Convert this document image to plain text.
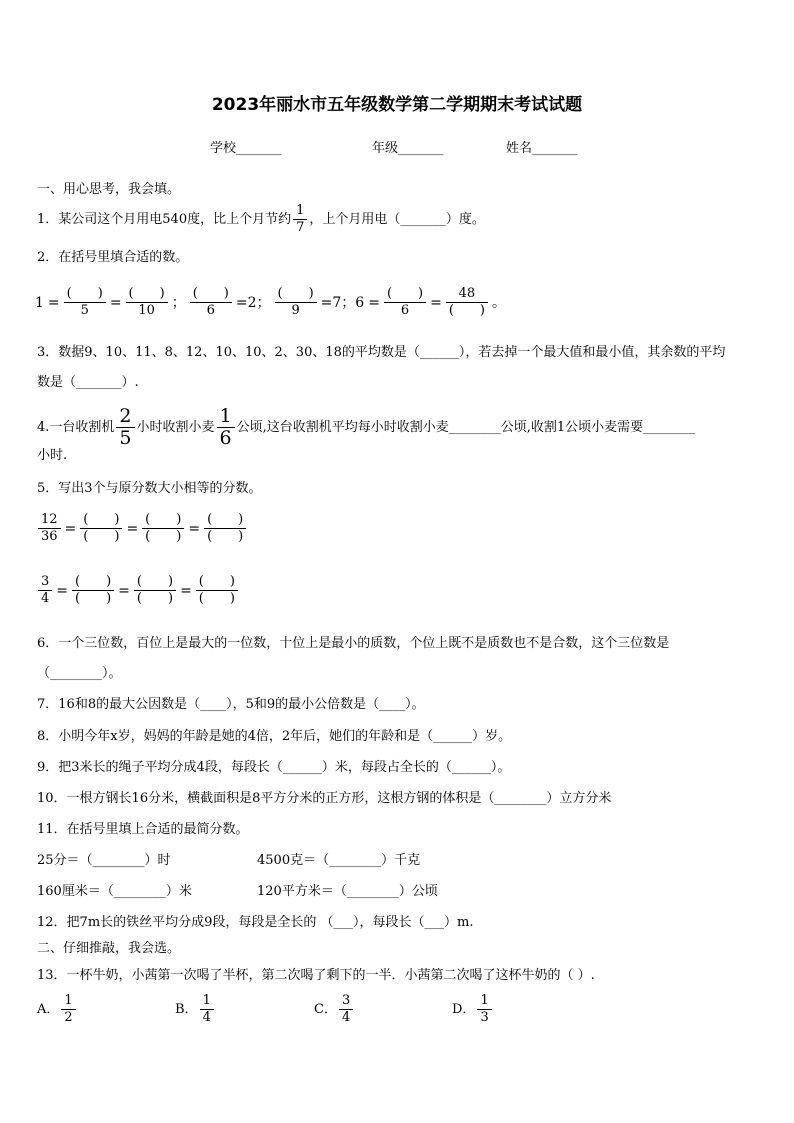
2023年丽水市五年级数学第二学期期末考试试题
学校_______	年级_______	姓名_______
一、用心思考，我会填。
1．某公司这个月用电540度，比上个月节约 $\frac{1}{7}$ ，上个月用电（_______）度。
2．在括号里填合适的数。
$1 = \frac{( )}{5} = \frac{( )}{10}$ ； $\frac{( )}{6} =2$； $\frac{( )}{9} =7$；$6 = \frac{( )}{6} = \frac{48}{( )}$ 。
3．数据9、10、11、8、12、10、10、2、30、18的平均数是（______），若去掉一个最大值和最小值，其余数的平均
数是（_______）.
4.一台收割机 $\frac{2}{5}$ 小时收割小麦 $\frac{1}{6}$ 公顷,这台收割机平均每小时收割小麦________公顷,收割1公顷小麦需要________
小时.
5．写出3个与原分数大小相等的分数。
$\frac{12}{36} = \frac{( )}{( )} = \frac{( )}{( )} = \frac{( )}{( )}$
$\frac{3}{4} = \frac{( )}{( )} = \frac{( )}{( )} = \frac{( )}{( )}$
6．一个三位数，百位上是最大的一位数，十位上是最小的质数，个位上既不是质数也不是合数，这个三位数是
（________）。
7．16和8的最大公因数是（____），5和9的最小公倍数是（____）。
8．小明今年x岁，妈妈的年龄是她的4倍，2年后，她们的年龄和是（______）岁。
9．把3米长的绳子平均分成4段，每段长（______）米，每段占全长的（______）。
10．一根方钢长16分米，横截面积是8平方分米的正方形，这根方钢的体积是（________）立方分米
11．在括号里填上合适的最简分数。
25分＝（________）时	4500克＝（________）千克
160厘米＝（________）米	120平方米＝（________）公顷
12．把7m长的铁丝平均分成9段，每段是全长的 （___），每段长（___）m.
二、仔细推敲，我会选。
13．一杯牛奶，小茜第一次喝了半杯，第二次喝了剩下的一半．小茜第二次喝了这杯牛奶的（ ）.
A． $\frac{1}{2}$	B． $\frac{1}{4}$	C． $\frac{3}{4}$	D． $\frac{1}{3}$
